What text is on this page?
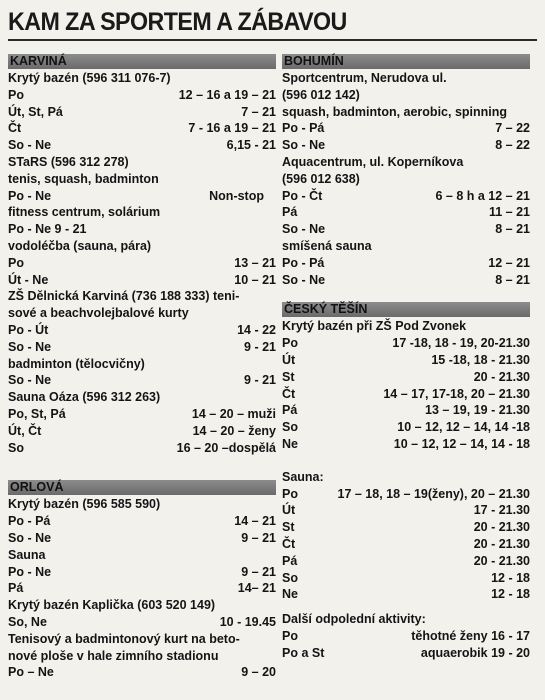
KAM ZA SPORTEM A ZÁBAVOU
KARVINÁ
Krytý bazén (596 311 076-7)
Po	12 – 16 a 19 – 21
Út, St, Pá	7 – 21
Čt	7 - 16 a 19 – 21
So - Ne	6,15 - 21
STaRS (596 312 278)
tenis, squash, badminton
Po - Ne	Non-stop
fitness centrum, solárium
Po - Ne 9 - 21
vodoléčba (sauna, pára)
Po	13 – 21
Út - Ne	10 – 21
ZŠ Dělnická Karviná (736 188 333) teni-
sové a beachvolejbalové kurty
Po - Út	14 - 22
So - Ne	9 - 21
badminton (tělocvičny)
So - Ne	9 - 21
Sauna Oáza (596 312 263)
Po, St, Pá	14 – 20 – muži
Út, Čt	14 – 20 – ženy
So	16 – 20 –dospělá
ORLOVÁ
Krytý bazén (596 585 590)
Po - Pá	14 – 21
So - Ne	9 – 21
Sauna
Po - Ne	9 – 21
Pá	14– 21
Krytý bazén Kaplička (603 520 149)
So, Ne	10 - 19.45
Tenisový a badmintonový kurt na beto-
nové ploše v hale zimního stadionu
Po – Ne	9 – 20
BOHUMÍN
Sportcentrum, Nerudova ul.
(596 012 142)
squash, badminton, aerobic, spinning
Po - Pá	7 – 22
So - Ne	8 – 22
Aquacentrum, ul. Koperníkova
(596 012 638)
Po - Čt	6 – 8 h a 12 – 21
Pá	11 – 21
So - Ne	8 – 21
smíšená sauna
Po - Pá	12 – 21
So - Ne	8 – 21
ČESKÝ TĚŠÍN
Krytý bazén při ZŠ Pod Zvonek
Po	17 -18, 18 - 19, 20-21.30
Út	15 -18, 18 - 21.30
St	20 - 21.30
Čt	14 – 17, 17-18, 20 – 21.30
Pá	13 – 19, 19 - 21.30
So	10 – 12, 12 – 14, 14 -18
Ne	10 – 12, 12 – 14, 14 - 18
Sauna:
Po	17 – 18, 18 – 19(ženy), 20 – 21.30
Út	17 - 21.30
St	20 - 21.30
Čt	20 - 21.30
Pá	20 - 21.30
So	12 - 18
Ne	12 - 18
Další odpolední aktivity:
Po	těhotné ženy 16 - 17
Po a St	aquaerobik 19 - 20
